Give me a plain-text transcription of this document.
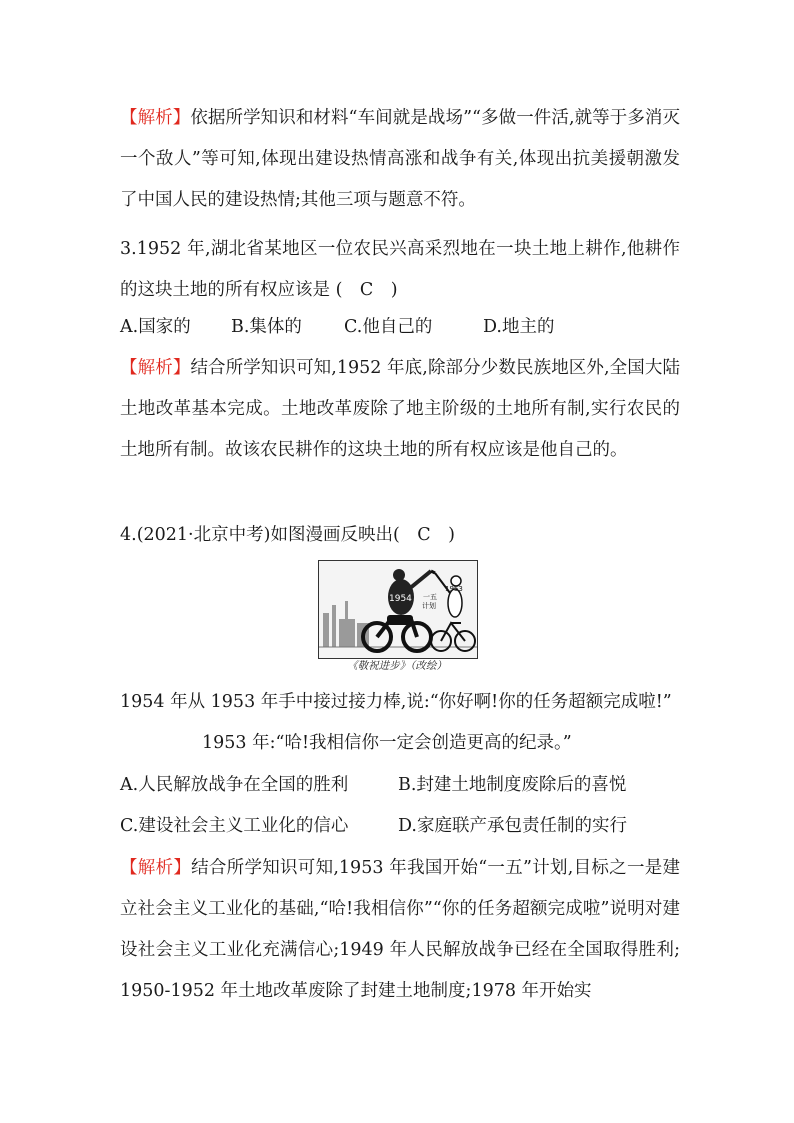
【解析】依据所学知识和材料“车间就是战场”“多做一件活,就等于多消灭一个敌人”等可知,体现出建设热情高涨和战争有关,体现出抗美援朝激发了中国人民的建设热情;其他三项与题意不符。
3.1952 年,湖北省某地区一位农民兴高采烈地在一块土地上耕作,他耕作的这块土地的所有权应该是 (　C　)
A.国家的 B.集体的 C.他自己的	D.地主的
【解析】结合所学知识可知,1952 年底,除部分少数民族地区外,全国大陆土地改革基本完成。土地改革废除了地主阶级的土地所有制,实行农民的土地所有制。故该农民耕作的这块土地的所有权应该是他自己的。
4.(2021·北京中考)如图漫画反映出(　C　)
1954
1953
一五
计划
《敬祝进步》（改绘）
1954 年从 1953 年手中接过接力棒,说:“你好啊!你的任务超额完成啦!”
1953 年:“哈!我相信你一定会创造更高的纪录。”
A.人民解放战争在全国的胜利	B.封建土地制度废除后的喜悦
C.建设社会主义工业化的信心	D.家庭联产承包责任制的实行
【解析】结合所学知识可知,1953 年我国开始“一五”计划,目标之一是建立社会主义工业化的基础,“哈!我相信你”“你的任务超额完成啦”说明对建设社会主义工业化充满信心;1949 年人民解放战争已经在全国取得胜利;1950-1952 年土地改革废除了封建土地制度;1978 年开始实
